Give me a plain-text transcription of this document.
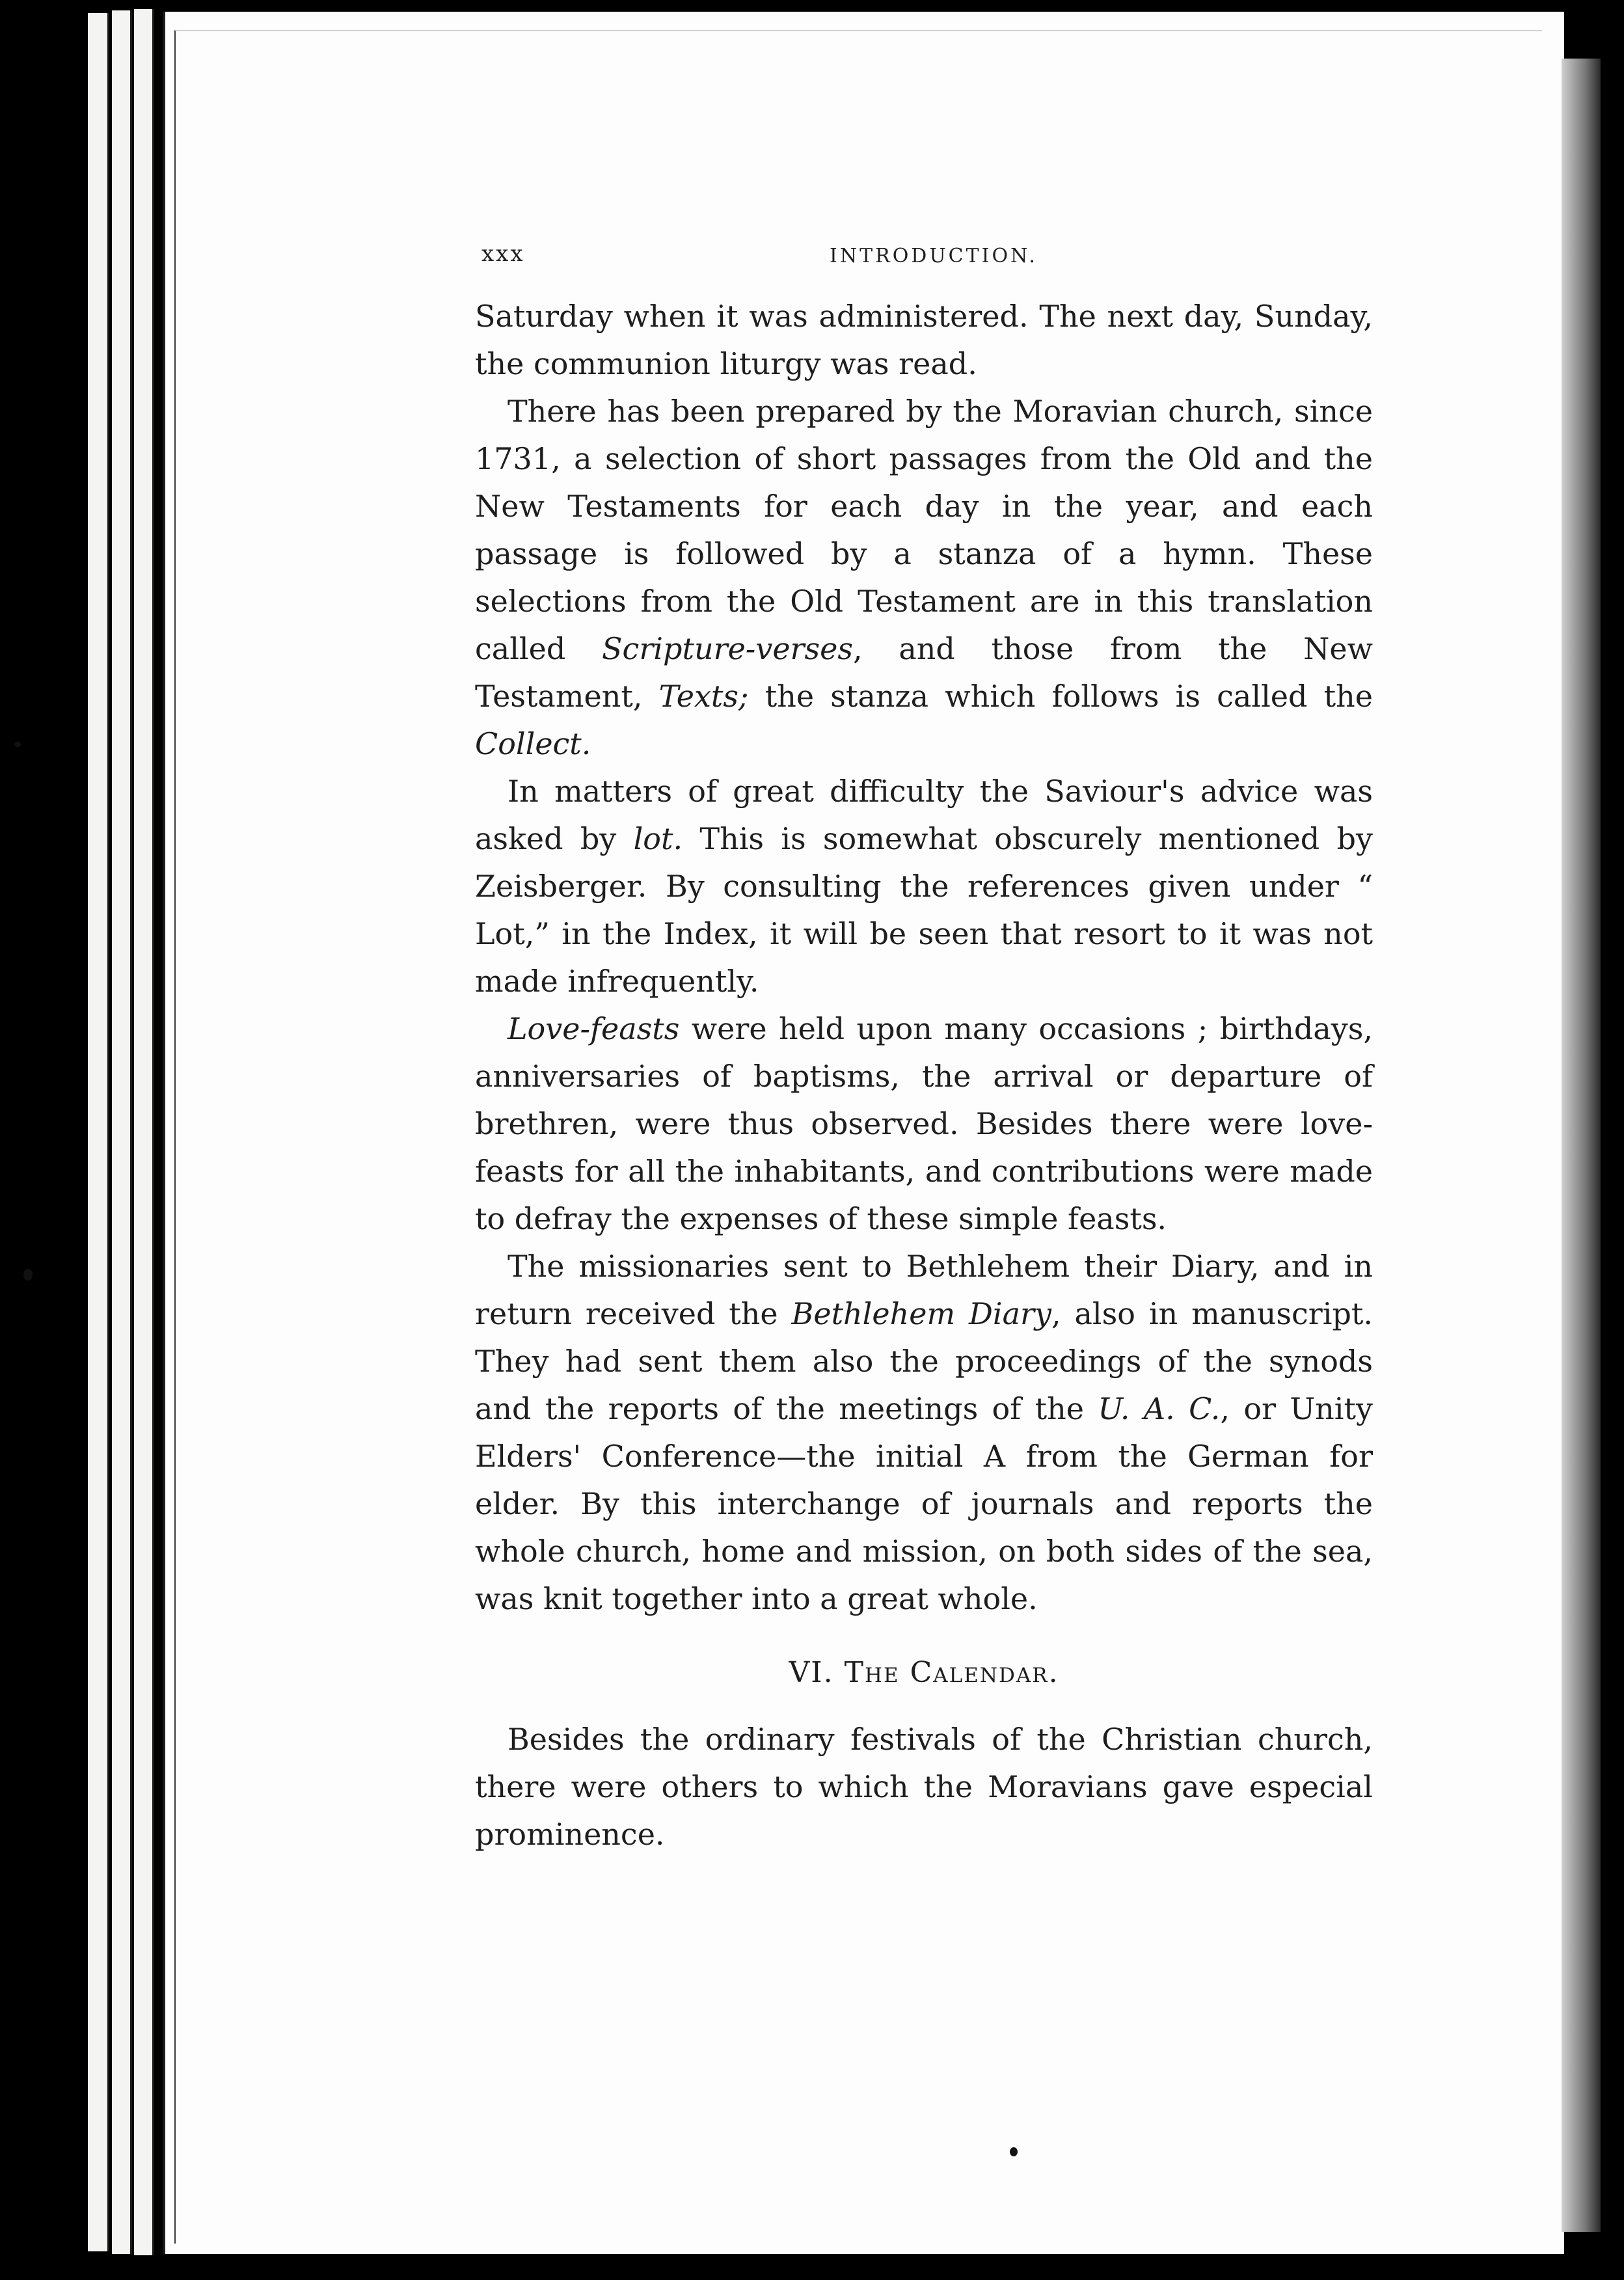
xxx	INTRODUCTION.

Saturday when it was administered. The next day, Sunday, the communion liturgy was read.

There has been prepared by the Moravian church, since 1731, a selection of short passages from the Old and the New Testaments for each day in the year, and each passage is followed by a stanza of a hymn. These selections from the Old Testament are in this translation called Scripture-verses, and those from the New Testament, Texts; the stanza which follows is called the Collect.

In matters of great difficulty the Saviour's advice was asked by lot. This is somewhat obscurely mentioned by Zeisberger. By consulting the references given under “ Lot,” in the Index, it will be seen that resort to it was not made infrequently.

Love-feasts were held upon many occasions ; birthdays, anniversaries of baptisms, the arrival or departure of brethren, were thus observed. Besides there were love-feasts for all the inhabitants, and contributions were made to defray the expenses of these simple feasts.

The missionaries sent to Bethlehem their Diary, and in return received the Bethlehem Diary, also in manuscript. They had sent them also the proceedings of the synods and the reports of the meetings of the U. A. C., or Unity Elders' Conference—the initial A from the German for elder. By this interchange of journals and reports the whole church, home and mission, on both sides of the sea, was knit together into a great whole.

VI. The Calendar.

Besides the ordinary festivals of the Christian church, there were others to which the Moravians gave especial prominence.
